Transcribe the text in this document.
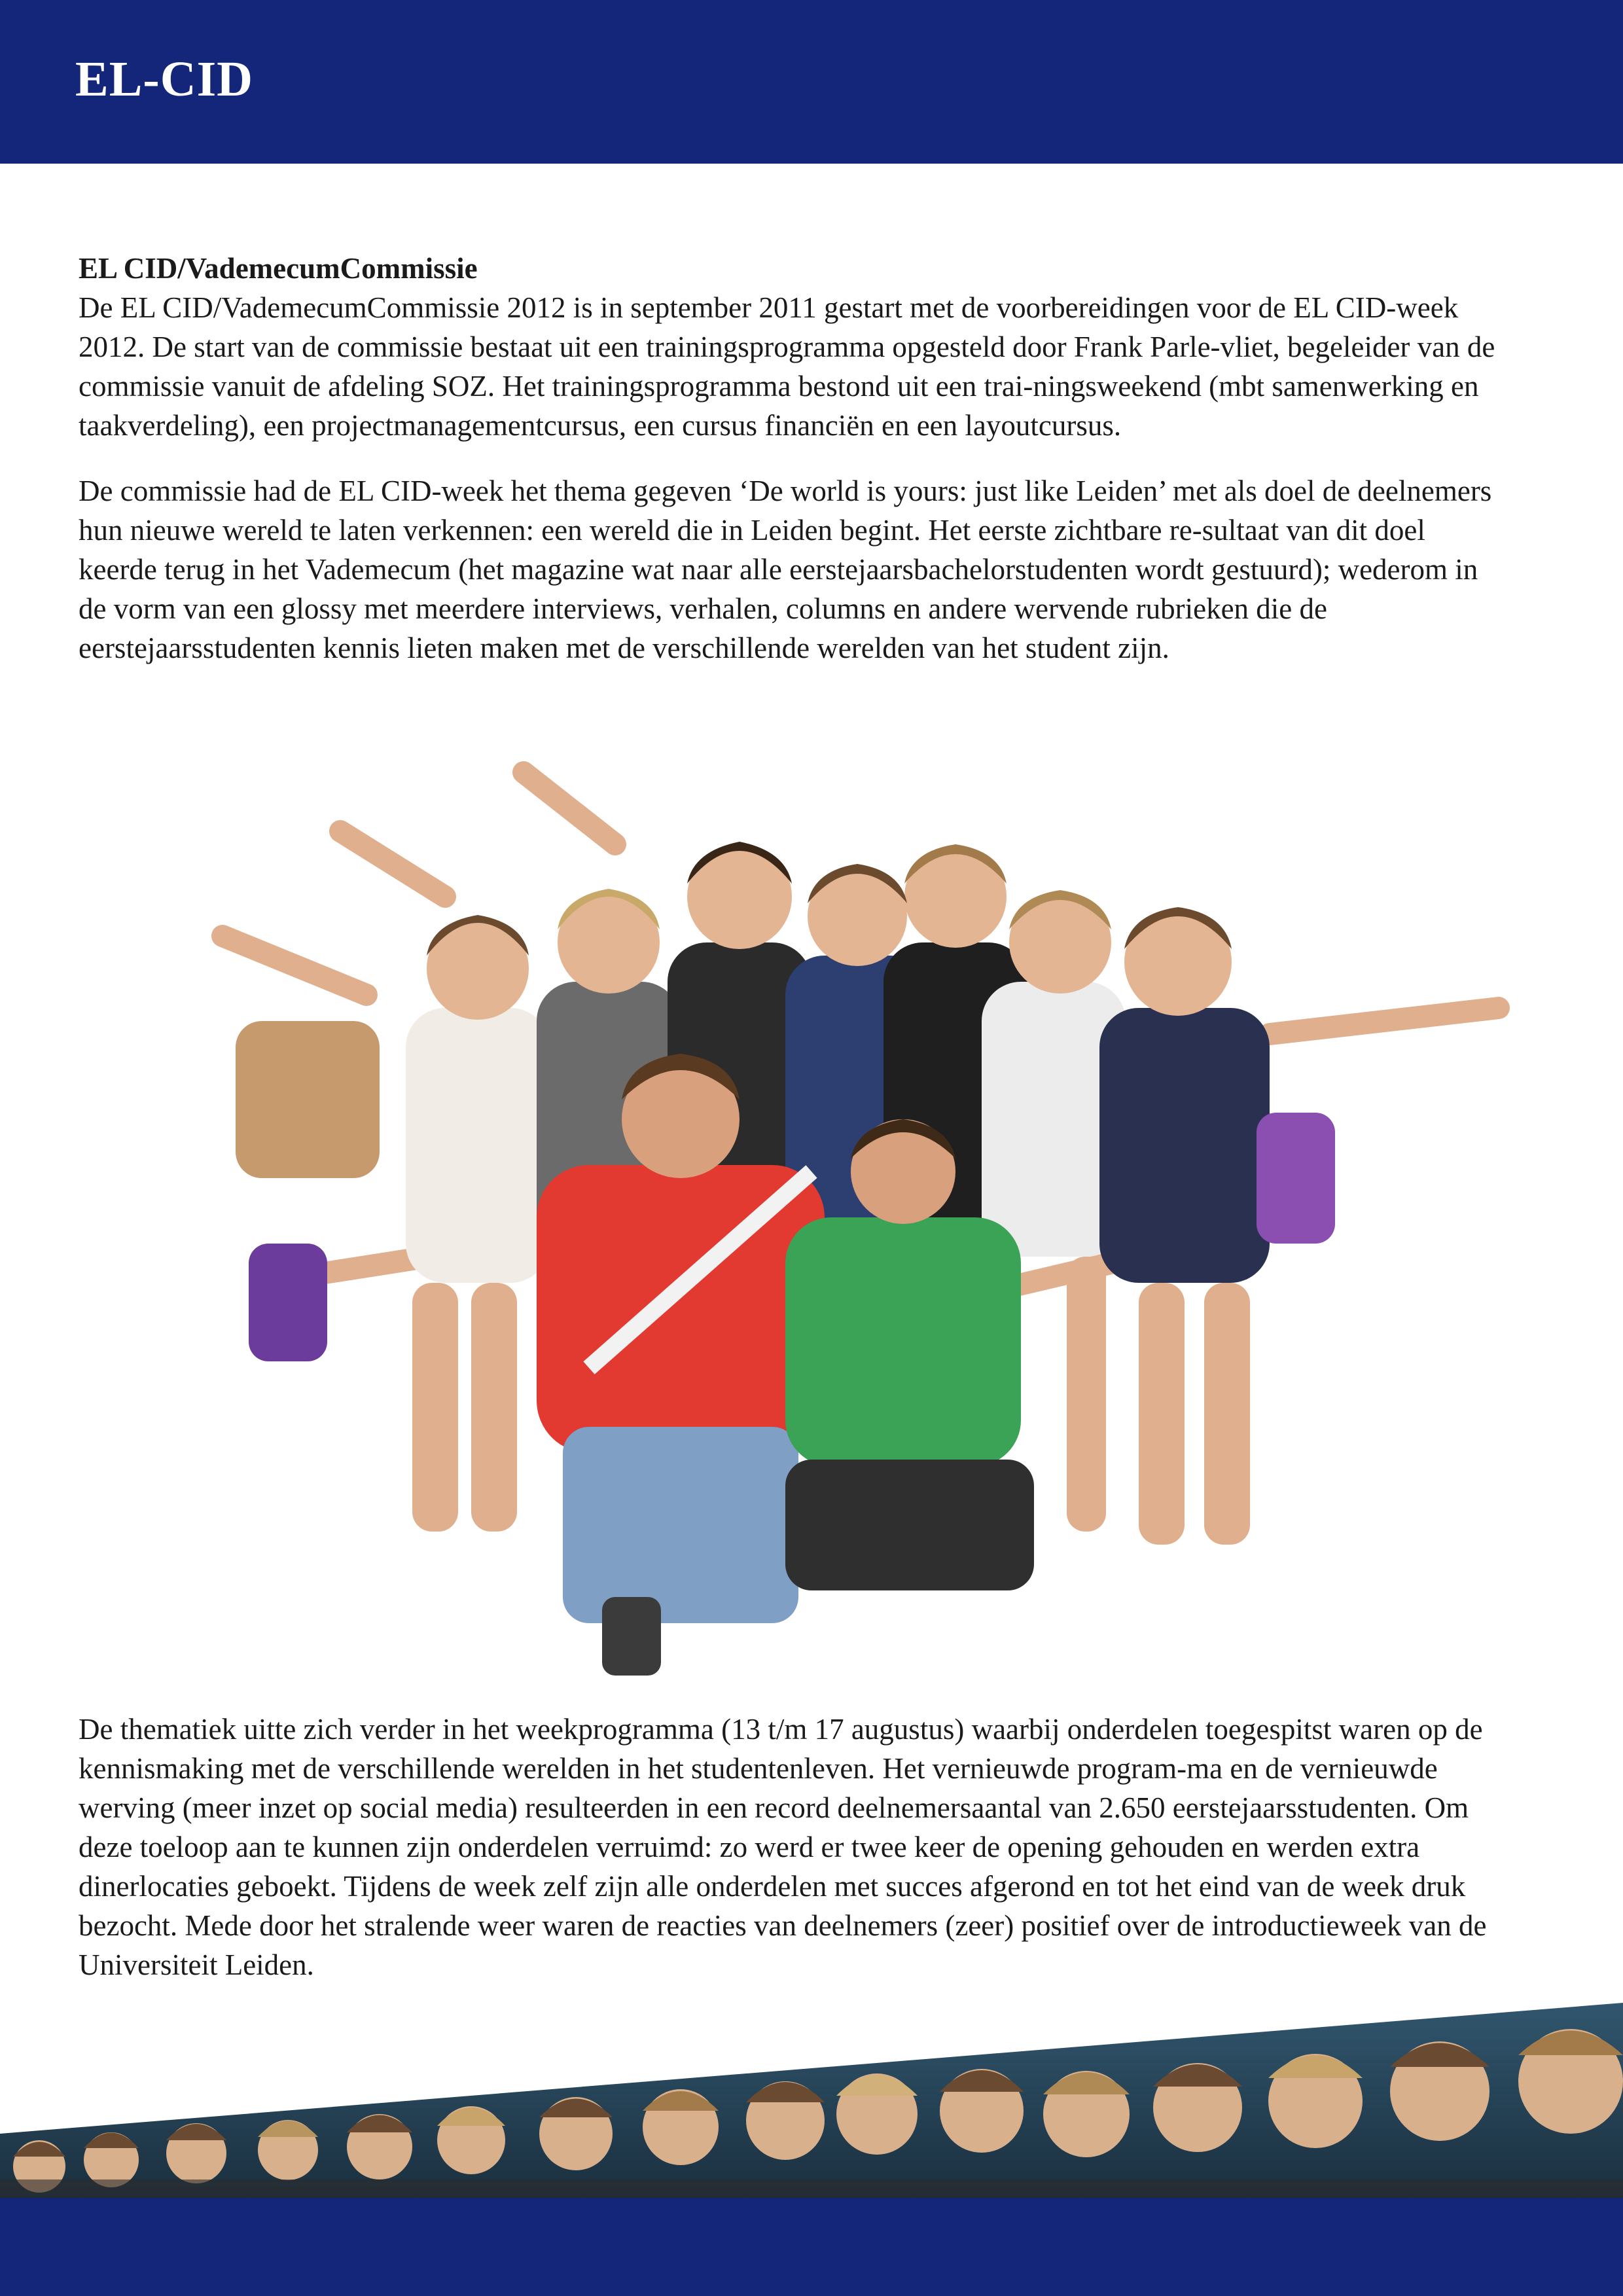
EL-CID

EL CID/VademecumCommissie
De EL CID/VademecumCommissie 2012 is in september 2011 gestart met de voorbereidingen voor de EL CID-week 2012. De start van de commissie bestaat uit een trainingsprogramma opgesteld door Frank Parle-vliet, begeleider van de commissie vanuit de afdeling SOZ. Het trainingsprogramma bestond uit een trai-ningsweekend (mbt samenwerking en taakverdeling), een projectmanagementcursus, een cursus financiën en een layoutcursus.

De commissie had de EL CID-week het thema gegeven ‘De world is yours: just like Leiden’ met als doel de deelnemers hun nieuwe wereld te laten verkennen: een wereld die in Leiden begint. Het eerste zichtbare re-sultaat van dit doel keerde terug in het Vademecum (het magazine wat naar alle eerstejaarsbachelorstudenten wordt gestuurd); wederom in de vorm van een glossy met meerdere interviews, verhalen, columns en andere wervende rubrieken die de eerstejaarsstudenten kennis lieten maken met de verschillende werelden van het student zijn.

De thematiek uitte zich verder in het weekprogramma (13 t/m 17 augustus) waarbij onderdelen toegespitst waren op de kennismaking met de verschillende werelden in het studentenleven. Het vernieuwde program-ma en de vernieuwde werving (meer inzet op social media) resulteerden in een record deelnemersaantal van 2.650 eerstejaarsstudenten. Om deze toeloop aan te kunnen zijn onderdelen verruimd: zo werd er twee keer de opening gehouden en werden extra dinerlocaties geboekt. Tijdens de week zelf zijn alle onderdelen met succes afgerond en tot het eind van de week druk bezocht. Mede door het stralende weer waren de reacties van deelnemers (zeer) positief over de introductieweek van de Universiteit Leiden.
